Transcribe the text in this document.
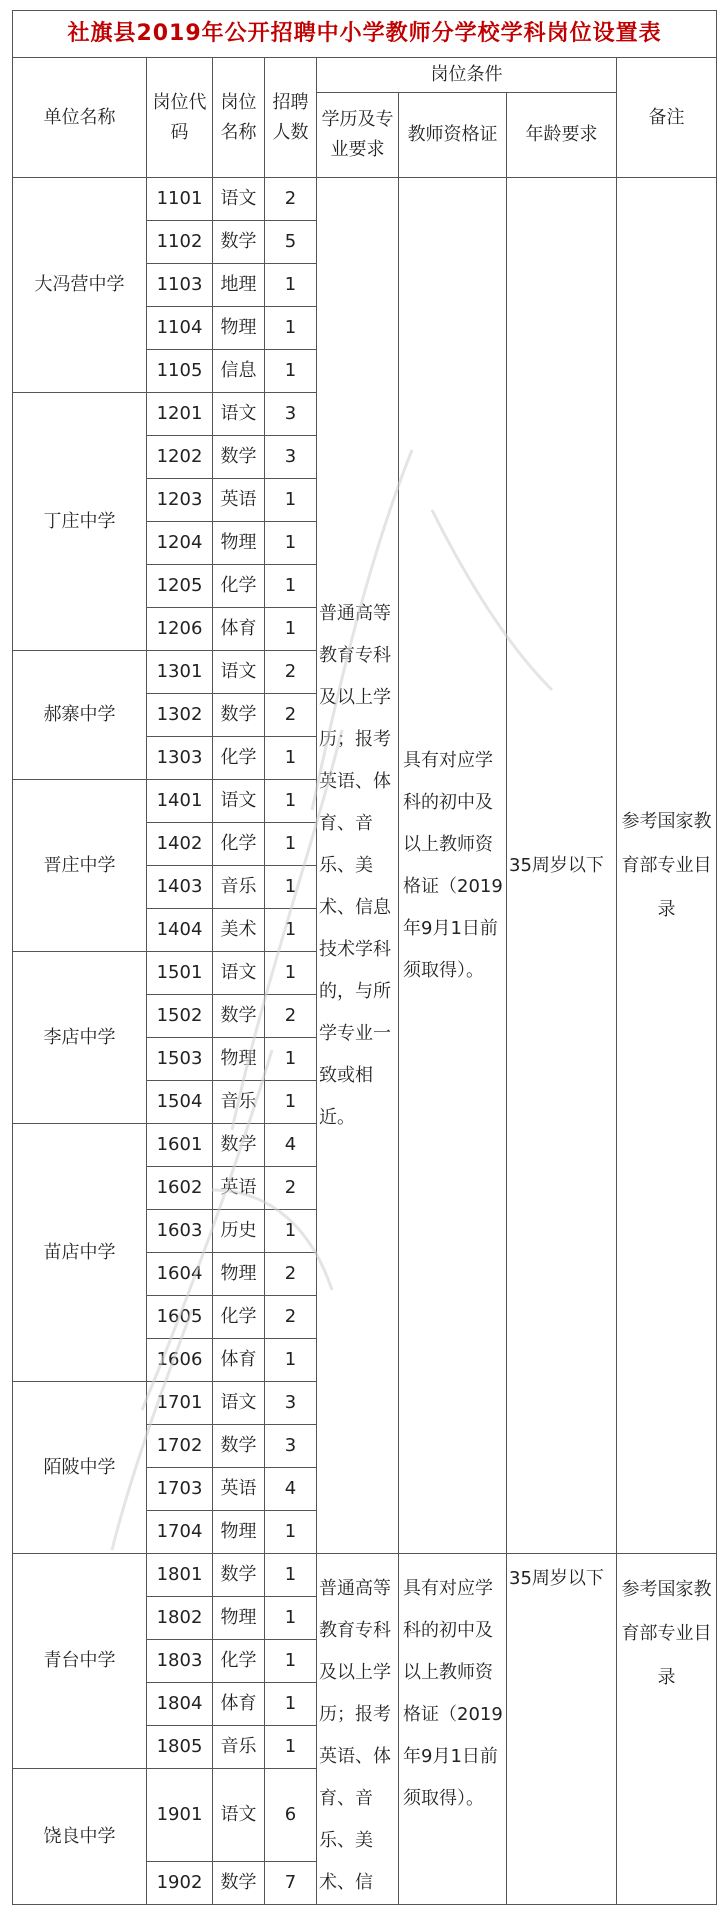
社旗县2019年公开招聘中小学教师分学校学科岗位设置表							
单位名称	岗位代码	岗位名称	招聘人数	岗位条件			备注
				学历及专业要求	教师资格证	年龄要求	
大冯营中学	1101	语文	2	普通高等教育专科及以上学历；报考英语、体育、音乐、美术、信息技术学科的，与所学专业一致或相近。	具有对应学科的初中及以上教师资格证（2019年9月1日前须取得）。	35周岁以下	参考国家教育部专业目录
	1102	数学	5				
	1103	地理	1				
	1104	物理	1				
	1105	信息	1				
丁庄中学	1201	语文	3				
	1202	数学	3				
	1203	英语	1				
	1204	物理	1				
	1205	化学	1				
	1206	体育	1				
郝寨中学	1301	语文	2				
	1302	数学	2				
	1303	化学	1				
晋庄中学	1401	语文	1				
	1402	化学	1				
	1403	音乐	1				
	1404	美术	1				
李店中学	1501	语文	1				
	1502	数学	2				
	1503	物理	1				
	1504	音乐	1				
苗店中学	1601	数学	4				
	1602	英语	2				
	1603	历史	1				
	1604	物理	2				
	1605	化学	2				
	1606	体育	1				
陌陂中学	1701	语文	3				
	1702	数学	3				
	1703	英语	4				
	1704	物理	1				
青台中学	1801	数学	1	普通高等教育专科及以上学历；报考英语、体育、音乐、美术、信	具有对应学科的初中及以上教师资格证（2019年9月1日前须取得）。	35周岁以下	参考国家教育部专业目录
	1802	物理	1				
	1803	化学	1				
	1804	体育	1				
	1805	音乐	1				
饶良中学	1901	语文	6				
	1902	数学	7				
